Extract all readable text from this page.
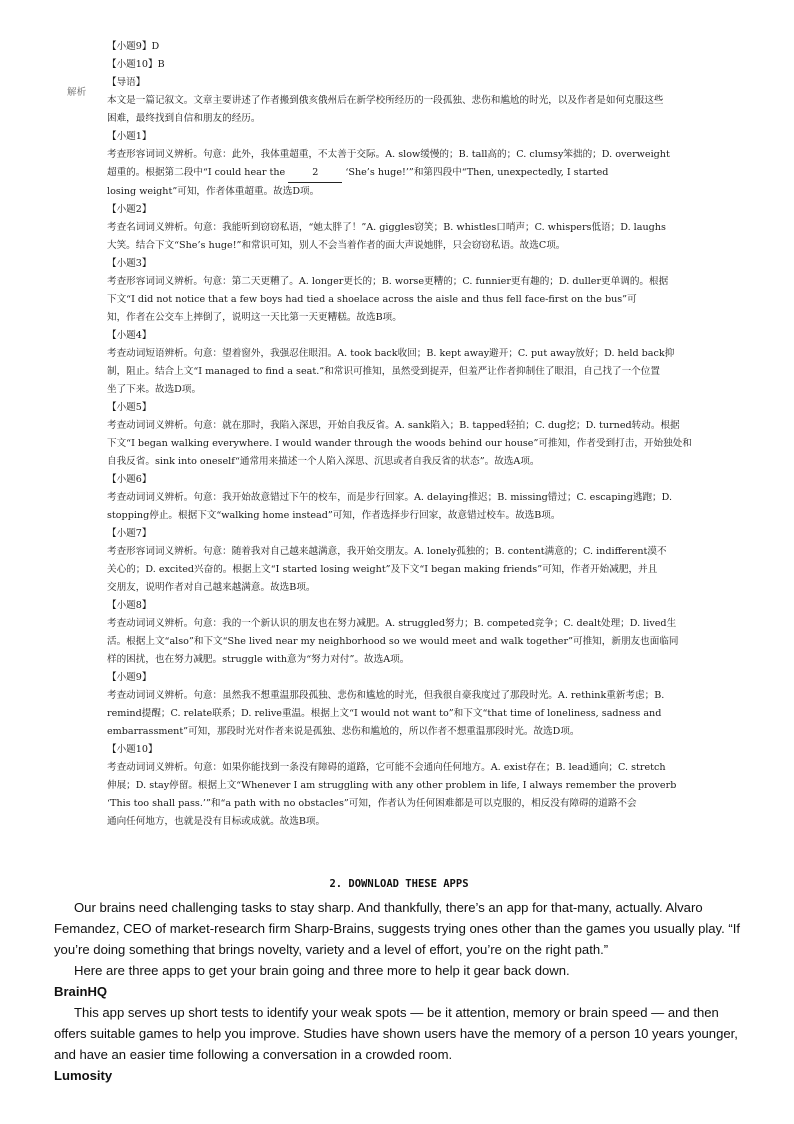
【小题9】D
【小题10】B
【导语】
本文是一篇记叙文。文章主要讲述了作者搬到俄亥俄州后在新学校所经历的一段孤独、悲伤和尴尬的时光，以及作者是如何克服这些
困难，最终找到自信和朋友的经历。
【小题1】
考查形容词词义辨析。句意：此外，我体重超重，不太善于交际。A. slow缓慢的；B. tall高的；C. clumsy笨拙的；D. overweight
超重的。根据第二段中“I could hear the	2	‘She’s huge!’”和第四段中“Then, unexpectedly, I started
losing weight”可知，作者体重超重。故选D项。
【小题2】
考查名词词义辨析。句意：我能听到窃窃私语，“她太胖了！”A. giggles窃笑；B. whistles口哨声；C. whispers低语；D. laughs
大笑。结合下文“She’s huge!”和常识可知，别人不会当着作者的面大声说她胖，只会窃窃私语。故选C项。
【小题3】
考查形容词词义辨析。句意：第二天更糟了。A. longer更长的；B. worse更糟的；C. funnier更有趣的；D. duller更单调的。根据
下文“I did not notice that a few boys had tied a shoelace across the aisle and thus fell face-first on the bus”可
知，作者在公交车上摔倒了，说明这一天比第一天更糟糕。故选B项。
【小题4】
考查动词短语辨析。句意：望着窗外，我强忍住眼泪。A. took back收回；B. kept away避开；C. put away放好；D. held back抑
制，阻止。结合上文“I managed to find a seat.”和常识可推知，虽然受到捉弄，但羞严让作者抑制住了眼泪，自己找了一个位置
坐了下来。故选D项。
【小题5】
考查动词词义辨析。句意：就在那时，我陷入深思，开始自我反省。A. sank陷入；B. tapped轻拍；C. dug挖；D. turned转动。根据
下文“I began walking everywhere. I would wander through the woods behind our house”可推知，作者受到打击，开始独处和
自我反省。sink into oneself“通常用来描述一个人陷入深思、沉思或者自我反省的状态”。故选A项。
【小题6】
考查动词词义辨析。句意：我开始故意错过下午的校车，而是步行回家。A. delaying推迟；B. missing错过；C. escaping逃跑；D.
stopping停止。根据下文“walking home instead”可知，作者选择步行回家，故意错过校车。故选B项。
【小题7】
考查形容词词义辨析。句意：随着我对自己越来越满意，我开始交朋友。A. lonely孤独的；B. content满意的；C. indifferent漠不
关心的；D. excited兴奋的。根据上文“I started losing weight”及下文“I began making friends”可知，作者开始减肥，并且
交朋友，说明作者对自己越来越满意。故选B项。
【小题8】
考查动词词义辨析。句意：我的一个新认识的朋友也在努力减肥。A. struggled努力；B. competed竞争；C. dealt处理；D. lived生
活。根据上文“also”和下文“She lived near my neighborhood so we would meet and walk together”可推知，新朋友也面临同
样的困扰，也在努力减肥。struggle with意为“努力对付”。故选A项。
【小题9】
考查动词词义辨析。句意：虽然我不想重温那段孤独、悲伤和尴尬的时光，但我很自豪我度过了那段时光。A. rethink重新考虑；B.
remind提醒；C. relate联系；D. relive重温。根据上文“I would not want to”和下文“that time of loneliness, sadness and
embarrassment”可知，那段时光对作者来说是孤独、悲伤和尴尬的，所以作者不想重温那段时光。故选D项。
【小题10】
考查动词词义辨析。句意：如果你能找到一条没有障碍的道路，它可能不会通向任何地方。A. exist存在；B. lead通向；C. stretch
伸展；D. stay停留。根据上文“Whenever I am struggling with any other problem in life, I always remember the proverb
‘This too shall pass.’”和“a path with no obstacles”可知，作者认为任何困难都是可以克服的，相反没有障碍的道路不会
通向任何地方，也就是没有目标或成就。故选B项。
解析
2. DOWNLOAD THESE APPS

Our brains need challenging tasks to stay sharp. And thankfully, there’s an app for that-many, actually. Alvaro Femandez, CEO of market-research firm Sharp-Brains, suggests trying ones other than the games you usually play. “If you’re doing something that brings novelty, variety and a level of effort, you’re on the right path.”

Here are three apps to get your brain going and three more to help it gear back down.

BrainHQ

This app serves up short tests to identify your weak spots — be it attention, memory or brain speed — and then offers suitable games to help you improve. Studies have shown users have the memory of a person 10 years younger, and have an easier time following a conversation in a crowded room.

Lumosity
